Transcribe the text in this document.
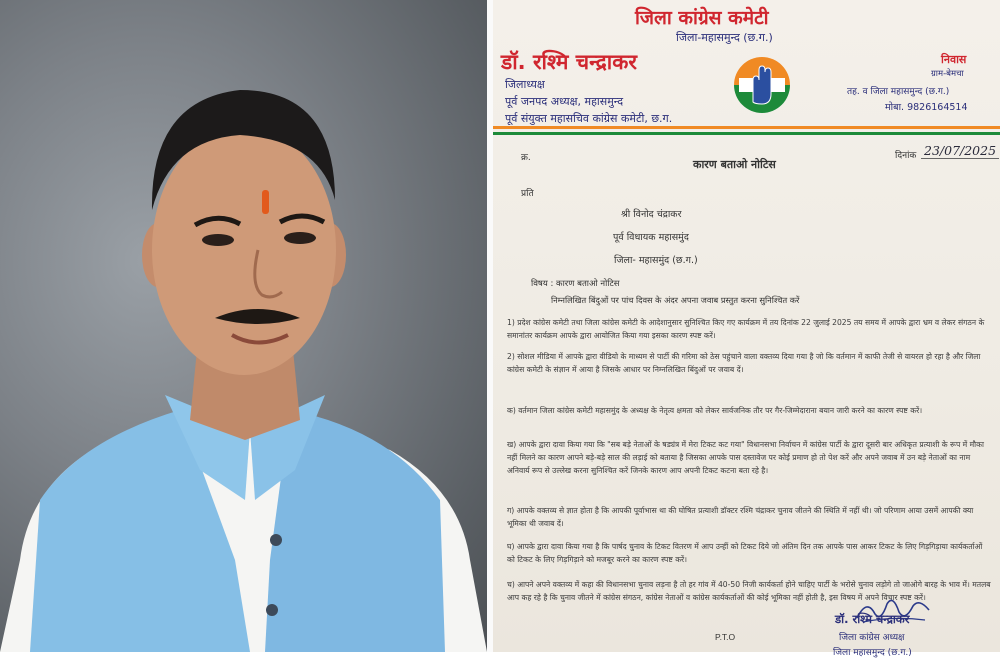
जिला कांग्रेस कमेटी
जिला-महासमुन्द (छ.ग.)
डॉ. रश्मि चन्द्राकर
जिलाध्यक्ष
पूर्व जनपद अध्यक्ष, महासमुन्द
पूर्व संयुक्त महासचिव कांग्रेस कमेटी, छ.ग.
निवास
ग्राम-बेमचा
तह. व जिला महासमुन्द (छ.ग.)
मोबा. 9826164514
क्र.	दिनांक 23/07/2025
कारण बताओ नोटिस
प्रति
श्री विनोद चंद्राकर
पूर्व विधायक महासमुंद
जिला- महासमुंद (छ.ग.)
विषय : कारण बताओ नोटिस
निम्नलिखित बिंदुओं पर पांच दिवस के अंदर अपना जवाब प्रस्तुत करना सुनिश्चित करें
1) प्रदेश कांग्रेस कमेटी तथा जिला कांग्रेस कमेटी के आदेशानुसार सुनिश्चित किए गए कार्यक्रम में तय दिनांक 22 जुलाई 2025 तय समय में आपके द्वारा भ्रम व लेकर संगठन के समानांतर कार्यक्रम आपके द्वारा आयोजित किया गया इसका कारण स्पष्ट करें।
2) सोशल मीडिया में आपके द्वारा वीडियो के माध्यम से पार्टी की गरिमा को ठेस पहुंचाने वाला वक्तव्य दिया गया है जो कि वर्तमान में काफी तेजी से वायरल हो रहा है और जिला कांग्रेस कमेटी के संज्ञान में आया है जिसके आधार पर निम्नलिखित बिंदुओं पर जवाब दें।
क) वर्तमान जिला कांग्रेस कमेटी महासमुंद के अध्यक्ष के नेतृत्व क्षमता को लेकर सार्वजनिक तौर पर गैर-जिम्मेदाराना बयान जारी करने का कारण स्पष्ट करें।
ख) आपके द्वारा दावा किया गया कि "सब बड़े नेताओं के षड्यंत्र में मेरा टिकट कट गया" विधानसभा निर्वाचन में कांग्रेस पार्टी के द्वारा दूसरी बार अधिकृत प्रत्याशी के रूप में मौका नहीं मिलने का कारण आपने बड़े-बड़े साल की लड़ाई को बताया है जिसका आपके पास दस्तावेज पर कोई प्रमाण हो तो पेश करें और अपने जवाब में उन बड़े नेताओं का नाम अनिवार्य रूप से उल्लेख करना सुनिश्चित करें जिनके कारण आप अपनी टिकट कटना बता रहे है।
ग) आपके वक्तव्य से ज्ञात होता है कि आपकी पूर्वाभास था की घोषित प्रत्याशी डॉक्टर रश्मि चंद्राकर चुनाव जीतने की स्थिति में नहीं थी। जो परिणाम आया उसमें आपकी क्या भूमिका थी जवाब दें।
घ) आपके द्वारा दावा किया गया है कि पार्षद चुनाव के टिकट वितरण में आप उन्हीं को टिकट दिये जो अंतिम दिन तक आपके पास आकर टिकट के लिए गिड़गिड़ाया कार्यकर्ताओं को टिकट के लिए गिड़गिड़ाने को मजबूर करने का कारण स्पष्ट करें।
च) आपने अपने वक्तव्य में कहा की विधानसभा चुनाव लड़ना है तो हर गांव में 40-50 निजी कार्यकर्ता होने चाहिए पार्टी के भरोसे चुनाव लड़ोगे तो जाओगे बारह के भाव में। मतलब आप कह रहे है कि चुनाव जीतने में कांग्रेस संगठन, कांग्रेस नेताओं व कांग्रेस कार्यकर्ताओं की कोई भूमिका नहीं होती है, इस विषय में अपने विचार स्पष्ट करें।
P.T.O
डॉ. रश्मि चन्द्राकर
जिला कांग्रेस अध्यक्ष
जिला महासमुन्द (छ.ग.)
